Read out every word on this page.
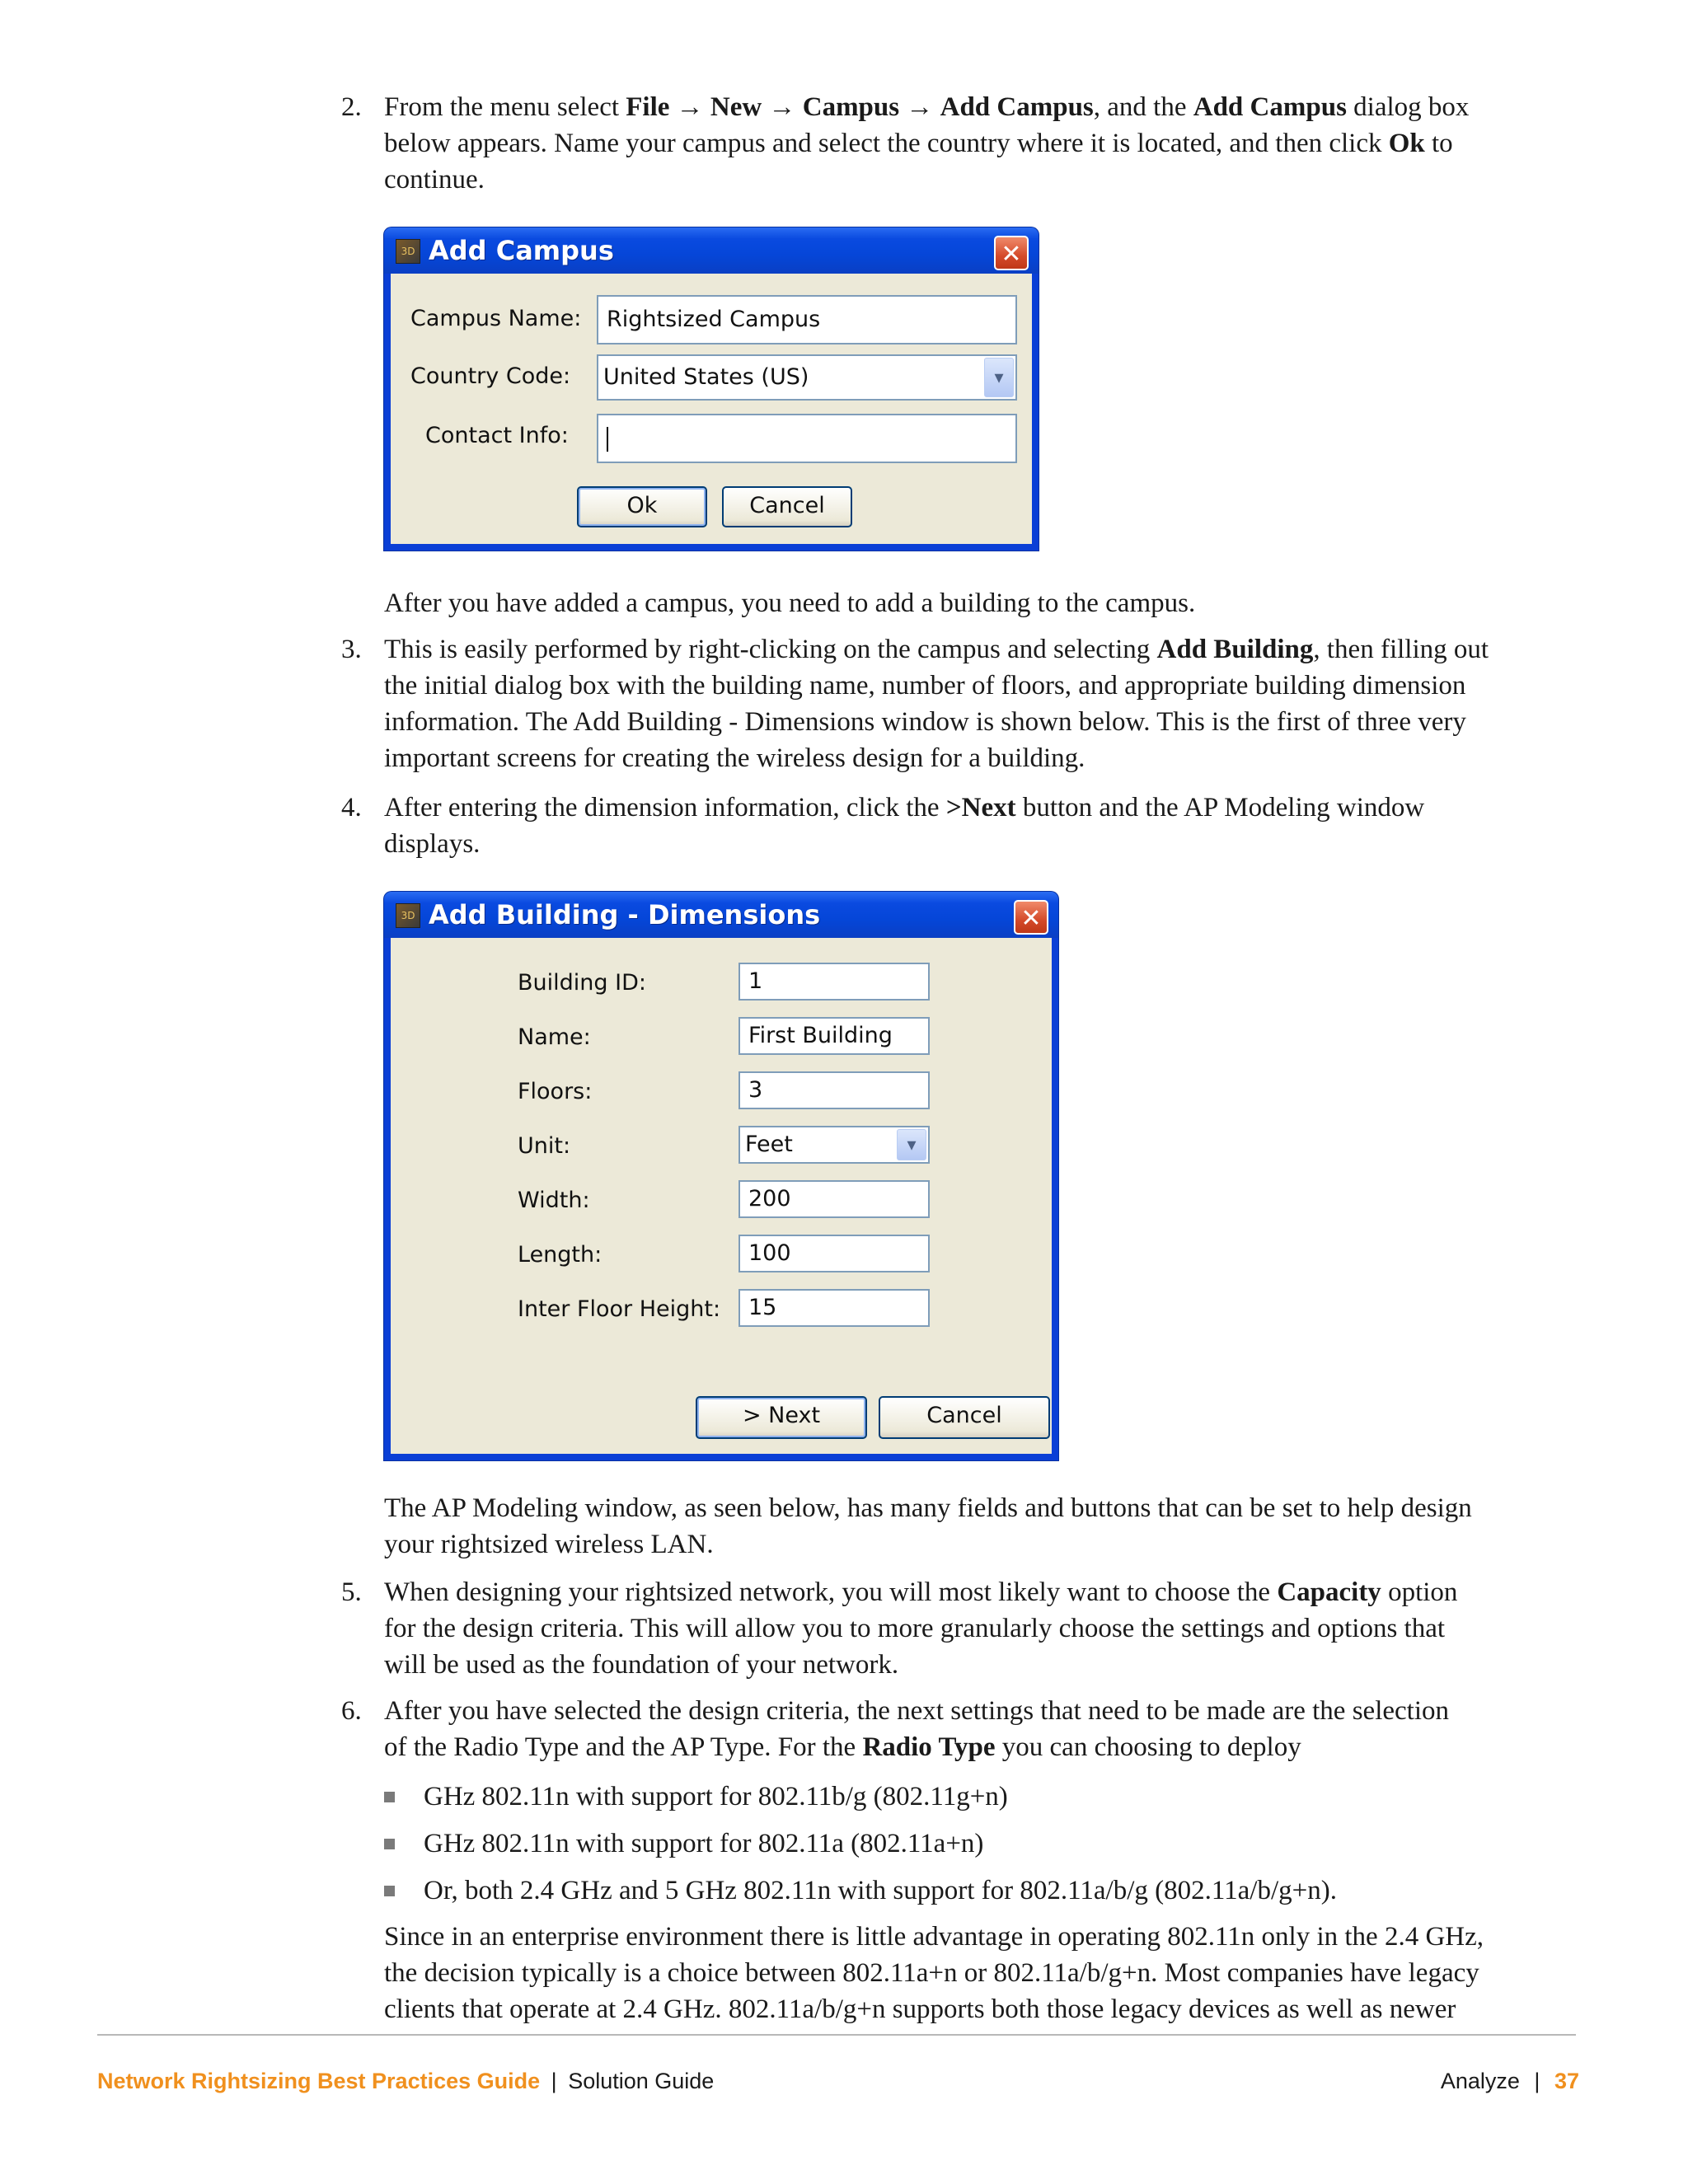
2. From the menu select File → New → Campus → Add Campus, and the Add Campus dialog box

below appears. Name your campus and select the country where it is located, and then click Ok to

continue.

3D Add Campus	✕
Campus Name:	Rightsized Campus
Country Code: United States (US)	▾
Contact Info:
Ok	Cancel
After you have added a campus, you need to add a building to the campus.
3. This is easily performed by right-clicking on the campus and selecting Add Building, then filling out

the initial dialog box with the building name, number of floors, and appropriate building dimension

information. The Add Building - Dimensions window is shown below. This is the first of three very

important screens for creating the wireless design for a building.

4. After entering the dimension information, click the >Next button and the AP Modeling window

displays.

3D Add Building - Dimensions	✕
Building ID:	1
Name:	First Building
Floors:	3
Unit:	Feet	▾
Width:	200
Length:	100
Inter Floor Height:	15
> Next	Cancel

The AP Modeling window, as seen below, has many fields and buttons that can be set to help design

your rightsized wireless LAN.

5. When designing your rightsized network, you will most likely want to choose the Capacity option

for the design criteria. This will allow you to more granularly choose the settings and options that

will be used as the foundation of your network.

6. After you have selected the design criteria, the next settings that need to be made are the selection

of the Radio Type and the AP Type. For the Radio Type you can choosing to deploy

GHz 802.11n with support for 802.11b/g (802.11g+n)
GHz 802.11n with support for 802.11a (802.11a+n)
Or, both 2.4 GHz and 5 GHz 802.11n with support for 802.11a/b/g (802.11a/b/g+n).

Since in an enterprise environment there is little advantage in operating 802.11n only in the 2.4 GHz,

the decision typically is a choice between 802.11a+n or 802.11a/b/g+n. Most companies have legacy

clients that operate at 2.4 GHz. 802.11a/b/g+n supports both those legacy devices as well as newer

Network Rightsizing Best Practices Guide | Solution Guide	Analyze | 37
